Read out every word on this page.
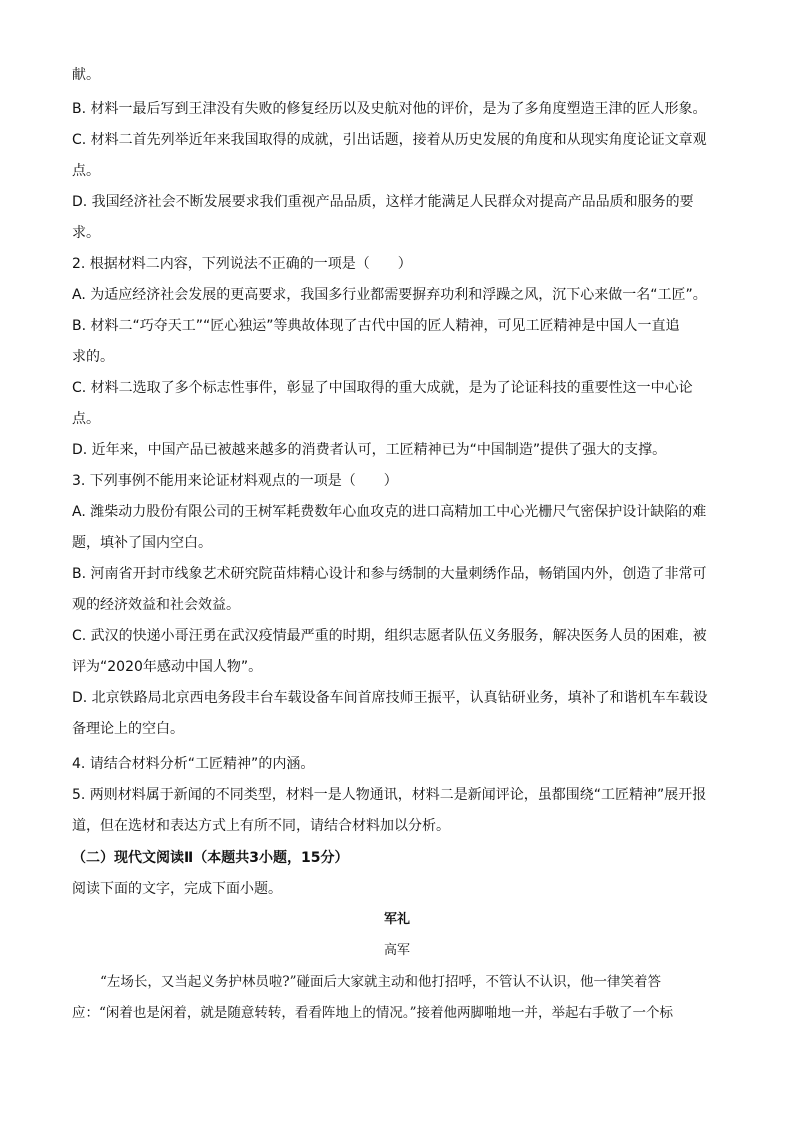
献。
B. 材料一最后写到王津没有失败的修复经历以及史航对他的评价，是为了多角度塑造王津的匠人形象。
C. 材料二首先列举近年来我国取得的成就，引出话题，接着从历史发展的角度和从现实角度论证文章观
点。
D. 我国经济社会不断发展要求我们重视产品品质，这样才能满足人民群众对提高产品品质和服务的要
求。
2. 根据材料二内容，下列说法不正确的一项是（　　）
A. 为适应经济社会发展的更高要求，我国多行业都需要摒弃功利和浮躁之风，沉下心来做一名“工匠”。
B. 材料二“巧夺天工”“匠心独运”等典故体现了古代中国的匠人精神，可见工匠精神是中国人一直追
求的。
C. 材料二选取了多个标志性事件，彰显了中国取得的重大成就，是为了论证科技的重要性这一中心论
点。
D. 近年来，中国产品已被越来越多的消费者认可，工匠精神已为“中国制造”提供了强大的支撑。
3. 下列事例不能用来论证材料观点的一项是（　　）
A. 潍柴动力股份有限公司的王树军耗费数年心血攻克的进口高精加工中心光栅尺气密保护设计缺陷的难
题，填补了国内空白。
B. 河南省开封市线象艺术研究院苗炜精心设计和参与绣制的大量刺绣作品，畅销国内外，创造了非常可
观的经济效益和社会效益。
C. 武汉的快递小哥汪勇在武汉疫情最严重的时期，组织志愿者队伍义务服务，解决医务人员的困难，被
评为“2020年感动中国人物”。
D. 北京铁路局北京西电务段丰台车载设备车间首席技师王振平，认真钻研业务，填补了和谐机车车载设
备理论上的空白。
4. 请结合材料分析“工匠精神”的内涵。
5. 两则材料属于新闻的不同类型，材料一是人物通讯，材料二是新闻评论，虽都围绕“工匠精神”展开报
道，但在选材和表达方式上有所不同，请结合材料加以分析。
（二）现代文阅读Ⅱ（本题共3小题，15分）
阅读下面的文字，完成下面小题。
军礼
高军
“左场长，又当起义务护林员啦?”碰面后大家就主动和他打招呼，不管认不认识，他一律笑着答
应：“闲着也是闲着，就是随意转转，看看阵地上的情况。”接着他两脚啪地一并，举起右手敬了一个标
